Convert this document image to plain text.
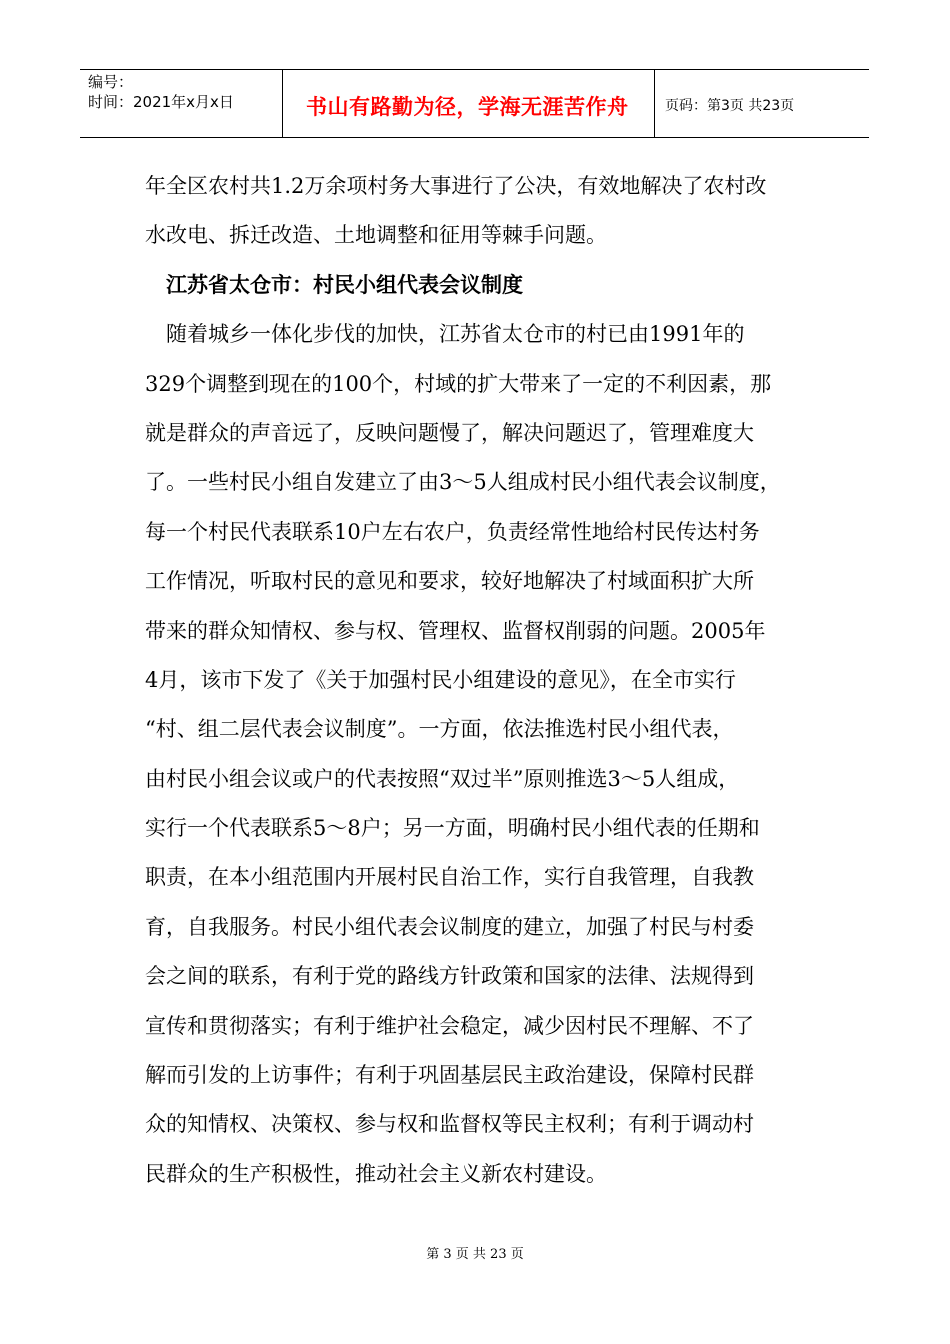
编号：
时间：2021年x月x日	书山有路勤为径，学海无涯苦作舟	页码：第3页 共23页
年全区农村共1.2万余项村务大事进行了公决，有效地解决了农村改
水改电、拆迁改造、土地调整和征用等棘手问题。
江苏省太仓市：村民小组代表会议制度
随着城乡一体化步伐的加快，江苏省太仓市的村已由1991年的
329个调整到现在的100个，村域的扩大带来了一定的不利因素，那
就是群众的声音远了，反映问题慢了，解决问题迟了，管理难度大
了。一些村民小组自发建立了由3～5人组成村民小组代表会议制度，
每一个村民代表联系10户左右农户，负责经常性地给村民传达村务
工作情况，听取村民的意见和要求，较好地解决了村域面积扩大所
带来的群众知情权、参与权、管理权、监督权削弱的问题。2005年
4月，该市下发了《关于加强村民小组建设的意见》，在全市实行
“村、组二层代表会议制度”。一方面，依法推选村民小组代表，
由村民小组会议或户的代表按照“双过半”原则推选3～5人组成，
实行一个代表联系5～8户；另一方面，明确村民小组代表的任期和
职责，在本小组范围内开展村民自治工作，实行自我管理，自我教
育，自我服务。村民小组代表会议制度的建立，加强了村民与村委
会之间的联系，有利于党的路线方针政策和国家的法律、法规得到
宣传和贯彻落实；有利于维护社会稳定，减少因村民不理解、不了
解而引发的上访事件；有利于巩固基层民主政治建设，保障村民群
众的知情权、决策权、参与权和监督权等民主权利；有利于调动村
民群众的生产积极性，推动社会主义新农村建设。
第 3 页 共 23 页
